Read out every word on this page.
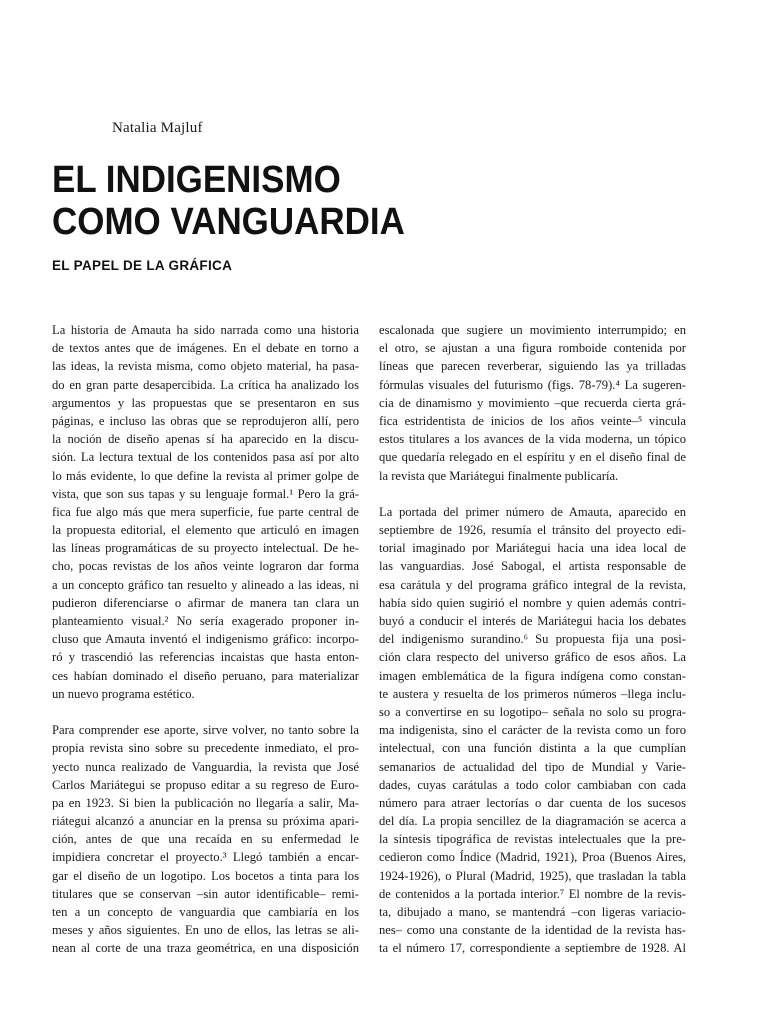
Natalia Majluf
EL INDIGENISMO
COMO VANGUARDIA
EL PAPEL DE LA GRÁFICA
La historia de Amauta ha sido narrada como una historia
de textos antes que de imágenes. En el debate en torno a
las ideas, la revista misma, como objeto material, ha pasa-
do en gran parte desapercibida. La crítica ha analizado los
argumentos y las propuestas que se presentaron en sus
páginas, e incluso las obras que se reprodujeron allí, pero
la noción de diseño apenas sí ha aparecido en la discu-
sión. La lectura textual de los contenidos pasa así por alto
lo más evidente, lo que define la revista al primer golpe de
vista, que son sus tapas y su lenguaje formal.¹ Pero la grá-
fica fue algo más que mera superficie, fue parte central de
la propuesta editorial, el elemento que articuló en imagen
las líneas programáticas de su proyecto intelectual. De he-
cho, pocas revistas de los años veinte lograron dar forma
a un concepto gráfico tan resuelto y alineado a las ideas, ni
pudieron diferenciarse o afirmar de manera tan clara un
planteamiento visual.² No sería exagerado proponer in-
cluso que Amauta inventó el indigenismo gráfico: incorpo-
ró y trascendió las referencias incaistas que hasta enton-
ces habían dominado el diseño peruano, para materializar
un nuevo programa estético.
Para comprender ese aporte, sirve volver, no tanto sobre la
propia revista sino sobre su precedente inmediato, el pro-
yecto nunca realizado de Vanguardia, la revista que José
Carlos Mariátegui se propuso editar a su regreso de Euro-
pa en 1923. Si bien la publicación no llegaría a salir, Ma-
riátegui alcanzó a anunciar en la prensa su próxima apari-
ción, antes de que una recaída en su enfermedad le
impidiera concretar el proyecto.³ Llegó también a encar-
gar el diseño de un logotipo. Los bocetos a tinta para los
titulares que se conservan –sin autor identificable– remi-
ten a un concepto de vanguardia que cambiaría en los
meses y años siguientes. En uno de ellos, las letras se ali-
nean al corte de una traza geométrica, en una disposición
escalonada que sugiere un movimiento interrumpido; en
el otro, se ajustan a una figura romboide contenida por
líneas que parecen reverberar, siguiendo las ya trilladas
fórmulas visuales del futurismo (figs. 78-79).⁴ La sugeren-
cia de dinamismo y movimiento –que recuerda cierta grá-
fica estridentista de inicios de los años veinte–⁵ vincula
estos titulares a los avances de la vida moderna, un tópico
que quedaría relegado en el espíritu y en el diseño final de
la revista que Mariátegui finalmente publicaría.
La portada del primer número de Amauta, aparecido en
septiembre de 1926, resumía el tránsito del proyecto edi-
torial imaginado por Mariátegui hacia una idea local de
las vanguardias. José Sabogal, el artista responsable de
esa carátula y del programa gráfico integral de la revista,
había sido quien sugirió el nombre y quien además contri-
buyó a conducir el interés de Mariátegui hacia los debates
del indigenismo surandino.⁶ Su propuesta fija una posi-
ción clara respecto del universo gráfico de esos años. La
imagen emblemática de la figura indígena como constan-
te austera y resuelta de los primeros números –llega inclu-
so a convertirse en su logotipo– señala no solo su progra-
ma indigenista, sino el carácter de la revista como un foro
intelectual, con una función distinta a la que cumplían
semanarios de actualidad del tipo de Mundial y Varie-
dades, cuyas carátulas a todo color cambiaban con cada
número para atraer lectorías o dar cuenta de los sucesos
del día. La propia sencillez de la diagramación se acerca a
la síntesis tipográfica de revistas intelectuales que la pre-
cedieron como Índice (Madrid, 1921), Proa (Buenos Aires,
1924-1926), o Plural (Madrid, 1925), que trasladan la tabla
de contenidos a la portada interior.⁷ El nombre de la revis-
ta, dibujado a mano, se mantendrá –con ligeras variacio-
nes– como una constante de la identidad de la revista has-
ta el número 17, correspondiente a septiembre de 1928. Al
